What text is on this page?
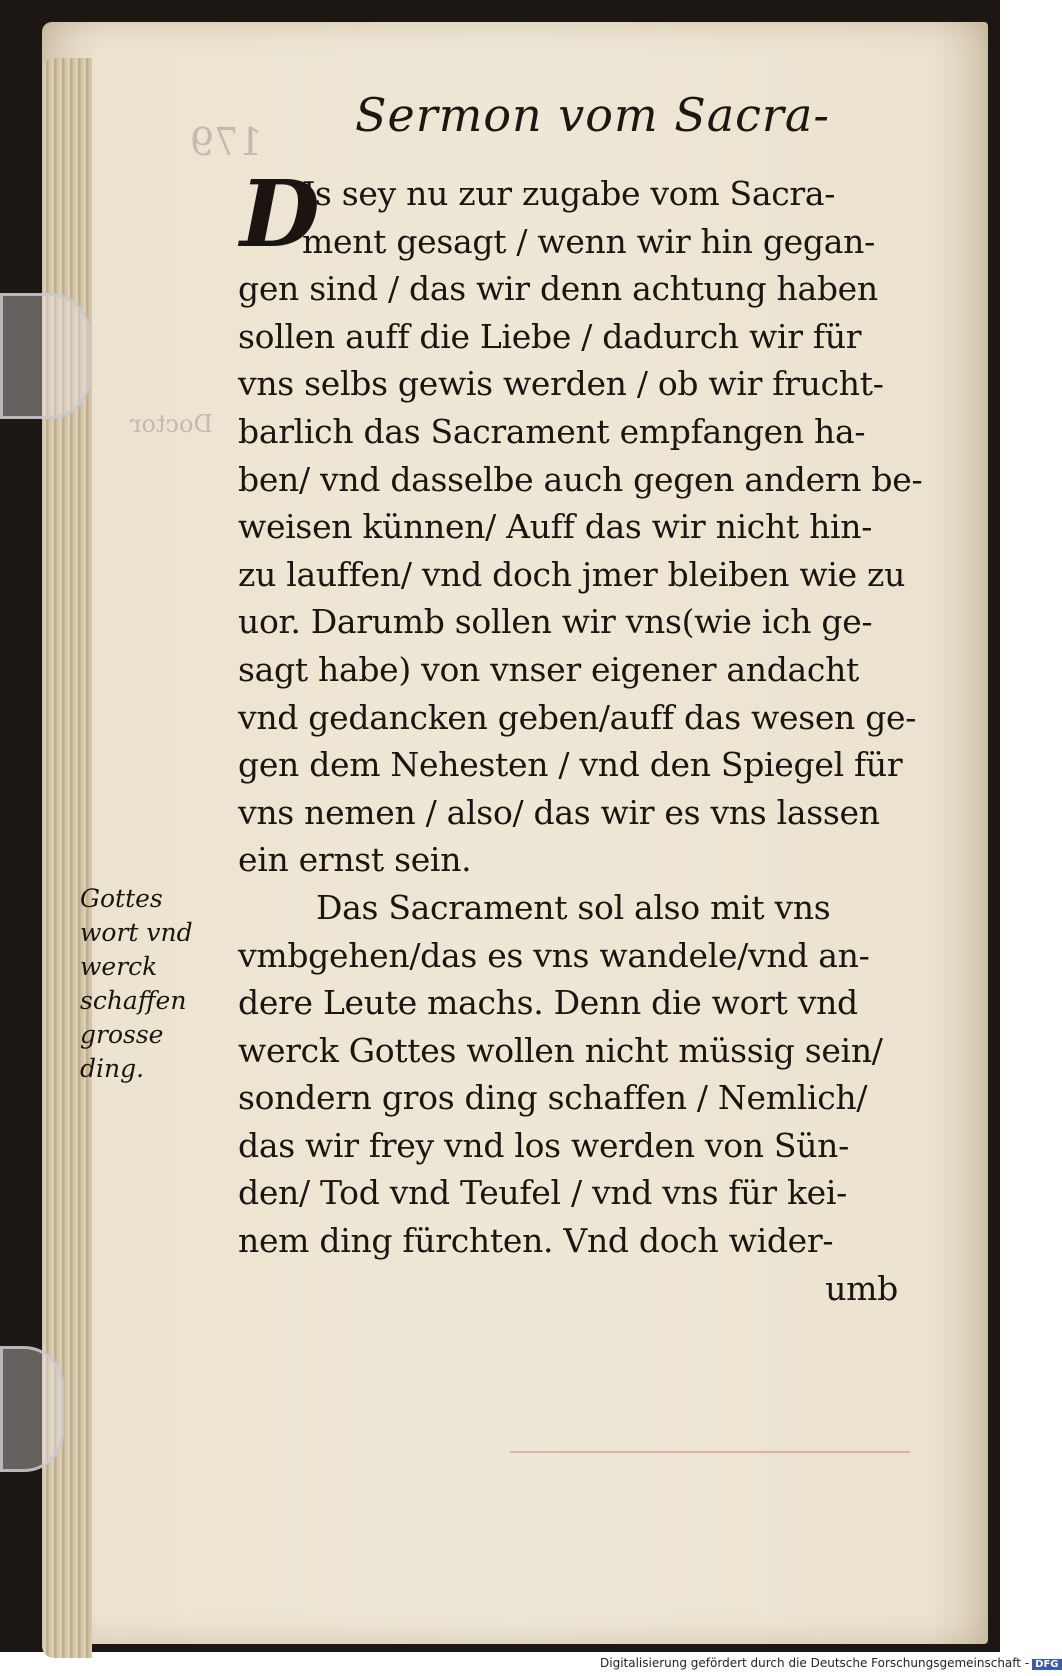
179
Doctor
Sermon vom Sacra-
D
Js sey nu zur zugabe vom Sacra-
ment gesagt / wenn wir hin gegan-
gen sind / das wir denn achtung haben
sollen auff die Liebe / dadurch wir für
vns selbs gewis werden / ob wir frucht-
barlich das Sacrament empfangen ha-
ben/ vnd dasselbe auch gegen andern be-
weisen künnen/ Auff das wir nicht hin-
zu lauffen/ vnd doch jmer bleiben wie zu
uor. Darumb sollen wir vns(wie ich ge-
sagt habe) von vnser eigener andacht
vnd gedancken geben/auff das wesen ge-
gen dem Nehesten / vnd den Spiegel für
vns nemen / also/ das wir es vns lassen
ein ernst sein.
Das Sacrament sol also mit vns
vmbgehen/das es vns wandele/vnd an-
dere Leute machs. Denn die wort vnd
werck Gottes wollen nicht müssig sein/
sondern gros ding schaffen / Nemlich/
das wir frey vnd los werden von Sün-
den/ Tod vnd Teufel / vnd vns für kei-
nem ding fürchten. Vnd doch wider-
umb
Gottes
wort vnd
werck
schaffen
grosse
ding.
Digitalisierung gefördert durch die Deutsche Forschungsgemeinschaft - DFG
